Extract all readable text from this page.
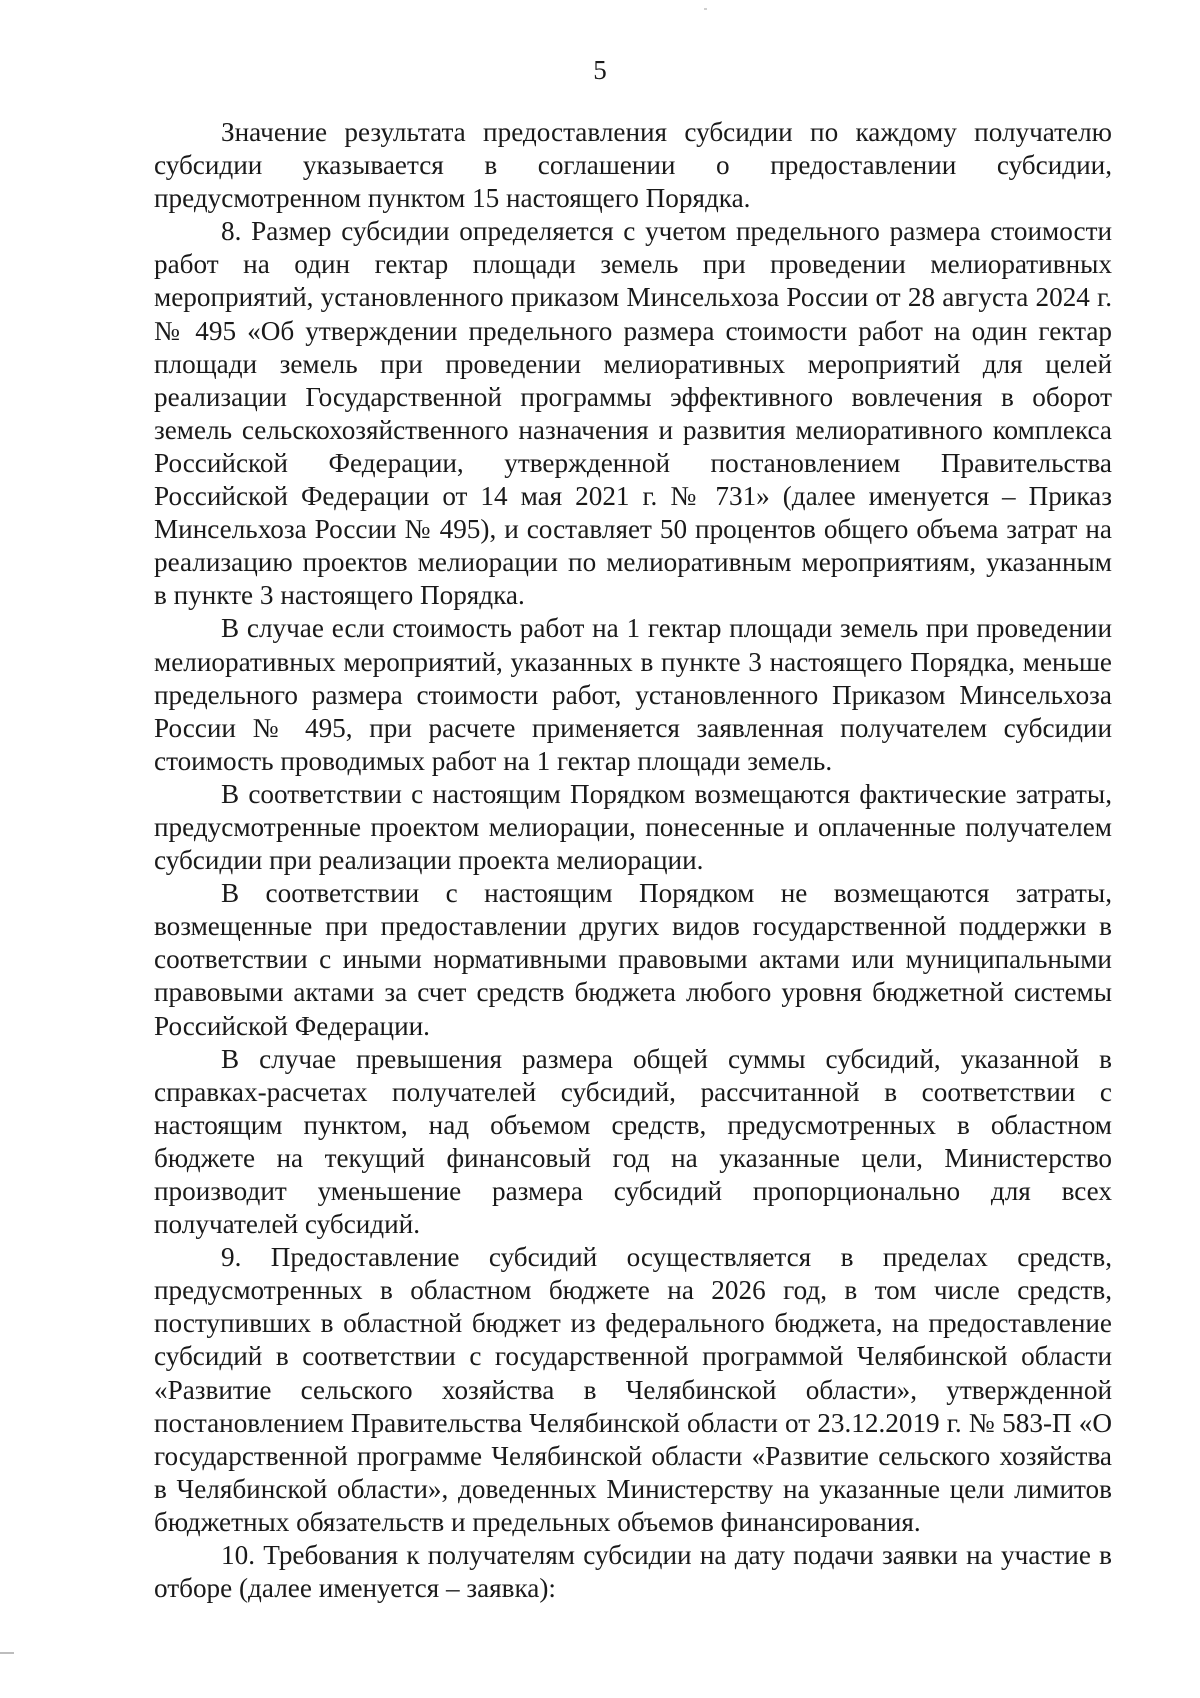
5

Значение результата предоставления субсидии по каждому получателю субсидии указывается в соглашении о предоставлении субсидии, предусмотренном пунктом 15 настоящего Порядка.

8. Размер субсидии определяется с учетом предельного размера стоимости работ на один гектар площади земель при проведении мелиоративных мероприятий, установленного приказом Минсельхоза России от 28 августа 2024 г. № 495 «Об утверждении предельного размера стоимости работ на один гектар площади земель при проведении мелиоративных мероприятий для целей реализации Государственной программы эффективного вовлечения в оборот земель сельскохозяйственного назначения и развития мелиоративного комплекса Российской Федерации, утвержденной постановлением Правительства Российской Федерации от 14 мая 2021 г. № 731» (далее именуется – Приказ Минсельхоза России № 495), и составляет 50 процентов общего объема затрат на реализацию проектов мелиорации по мелиоративным мероприятиям, указанным в пункте 3 настоящего Порядка.

В случае если стоимость работ на 1 гектар площади земель при проведении мелиоративных мероприятий, указанных в пункте 3 настоящего Порядка, меньше предельного размера стоимости работ, установленного Приказом Минсельхоза России № 495, при расчете применяется заявленная получателем субсидии стоимость проводимых работ на 1 гектар площади земель.

В соответствии с настоящим Порядком возмещаются фактические затраты, предусмотренные проектом мелиорации, понесенные и оплаченные получателем субсидии при реализации проекта мелиорации.

В соответствии с настоящим Порядком не возмещаются затраты, возмещенные при предоставлении других видов государственной поддержки в соответствии с иными нормативными правовыми актами или муниципальными правовыми актами за счет средств бюджета любого уровня бюджетной системы Российской Федерации.

В случае превышения размера общей суммы субсидий, указанной в справках-расчетах получателей субсидий, рассчитанной в соответствии с настоящим пунктом, над объемом средств, предусмотренных в областном бюджете на текущий финансовый год на указанные цели, Министерство производит уменьшение размера субсидий пропорционально для всех получателей субсидий.

9. Предоставление субсидий осуществляется в пределах средств, предусмотренных в областном бюджете на 2026 год, в том числе средств, поступивших в областной бюджет из федерального бюджета, на предоставление субсидий в соответствии с государственной программой Челябинской области «Развитие сельского хозяйства в Челябинской области», утвержденной постановлением Правительства Челябинской области от 23.12.2019 г. № 583-П «О государственной программе Челябинской области «Развитие сельского хозяйства в Челябинской области», доведенных Министерству на указанные цели лимитов бюджетных обязательств и предельных объемов финансирования.

10. Требования к получателям субсидии на дату подачи заявки на участие в отборе (далее именуется – заявка):
